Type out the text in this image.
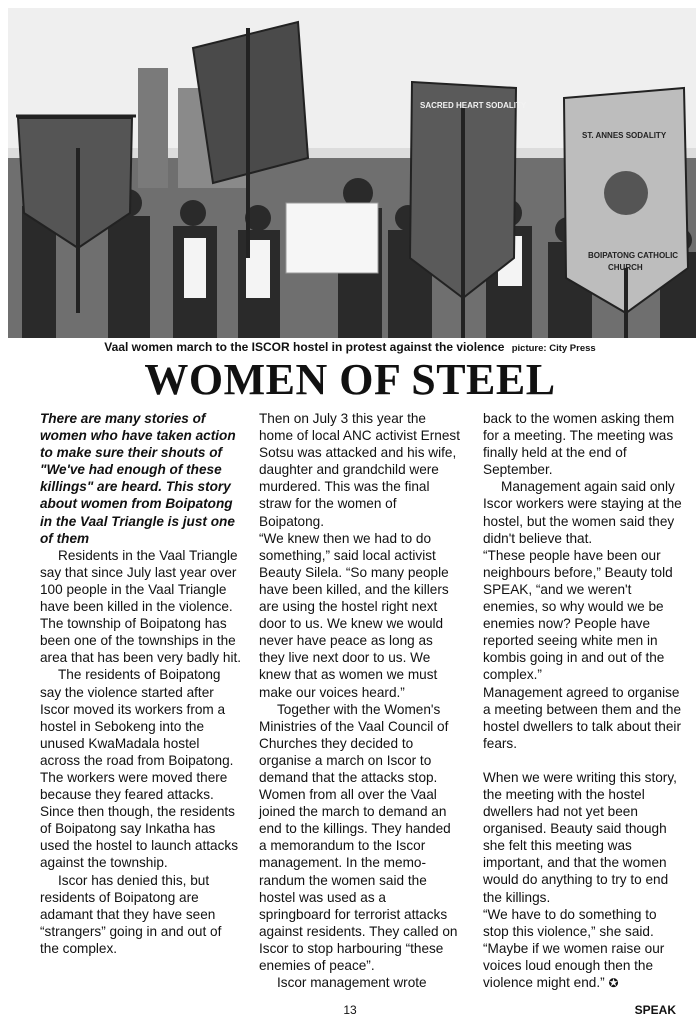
SACRED HEART SODALITY
ST. ANNES SODALITY
BOIPATONG CATHOLIC
CHURCH
Vaal women march to the ISCOR hostel in protest against the violence picture: City Press
WOMEN OF STEEL

There are many stories of women who have taken action to make sure their shouts of "We've had enough of these killings" are heard. This story about women from Boipatong in the Vaal Triangle is just one of them

Residents in the Vaal Triangle say that since July last year over 100 people in the Vaal Triangle have been killed in the violence. The township of Boipatong has been one of the townships in the area that has been very badly hit.

The residents of Boipatong say the violence started after Iscor moved its workers from a hostel in Sebokeng into the unused KwaMadala hostel across the road from Boipatong. The workers were moved there because they feared attacks. Since then though, the residents of Boipatong say Inkatha has used the hostel to launch attacks against the township.

Iscor has denied this, but residents of Boipatong are adamant that they have seen “strangers” going in and out of the complex.

Then on July 3 this year the home of local ANC activist Ernest Sotsu was attacked and his wife, daughter and grandchild were murdered. This was the final straw for the women of Boipatong.

“We knew then we had to do something,” said local activist Beauty Silela. “So many people have been killed, and the killers are using the hostel right next door to us. We knew we would never have peace as long as they live next door to us. We knew that as women we must make our voices heard.”

Together with the Women's Ministries of the Vaal Council of Churches they decided to organise a march on Iscor to demand that the attacks stop. Women from all over the Vaal joined the march to demand an end to the killings. They handed a memorandum to the Iscor management. In the memo-randum the women said the hostel was used as a springboard for terrorist attacks against residents. They called on Iscor to stop harbouring “these enemies of peace”.

Iscor management wrote

back to the women asking them for a meeting. The meeting was finally held at the end of September.

Management again said only Iscor workers were staying at the hostel, but the women said they didn't believe that.

“These people have been our neighbours before,” Beauty told SPEAK, “and we weren't enemies, so why would we be enemies now? People have reported seeing white men in kombis going in and out of the complex.”

Management agreed to organise a meeting between them and the hostel dwellers to talk about their fears.

When we were writing this story, the meeting with the hostel dwellers had not yet been organised. Beauty said though she felt this meeting was important, and that the women would do anything to try to end the killings.

“We have to do something to stop this violence,” she said. “Maybe if we women raise our voices loud enough then the violence might end.” ✪

13	SPEAK
